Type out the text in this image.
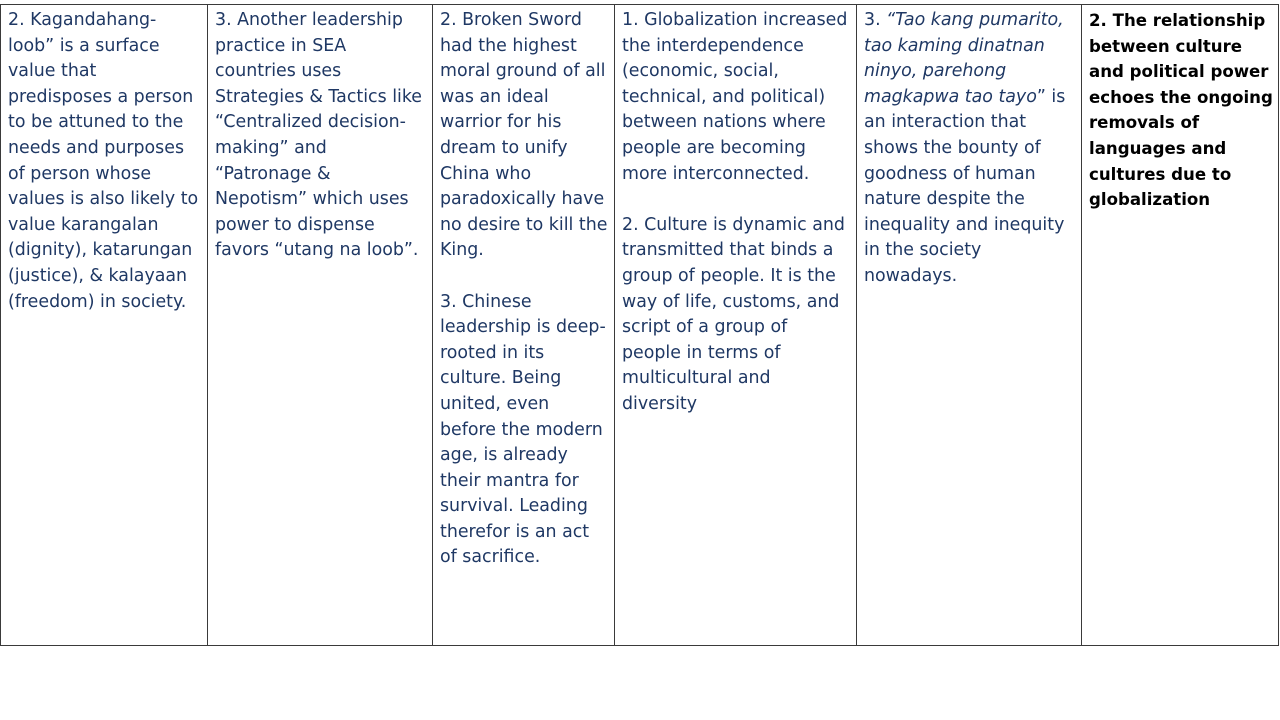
2. Kagandahang-loob” is a surface value that predisposes a person to be attuned to the needs and purposes of person whose values is also likely to value karangalan (dignity), katarungan (justice), & kalayaan (freedom) in society.

3. Another leadership practice in SEA countries uses Strategies & Tactics like “Centralized decision-making” and “Patronage & Nepotism” which uses power to dispense favors “utang na loob”.

2. Broken Sword had the highest moral ground of all was an ideal warrior for his dream to unify China who paradoxically have no desire to kill the King.

3. Chinese leadership is deep-rooted in its culture. Being united, even before the modern age, is already their mantra for survival. Leading therefor is an act of sacrifice.

1. Globalization increased the interdependence (economic, social, technical, and political) between nations where people are becoming more interconnected.

2. Culture is dynamic and transmitted that binds a group of people. It is the way of life, customs, and script of a group of people in terms of multicultural and diversity

3. “Tao kang pumarito, tao kaming dinatnan ninyo, parehong magkapwa tao tayo” is an interaction that shows the bounty of goodness of human nature despite the inequality and inequity in the society nowadays.

2. The relationship between culture and political power echoes the ongoing removals of languages and cultures due to globalization
